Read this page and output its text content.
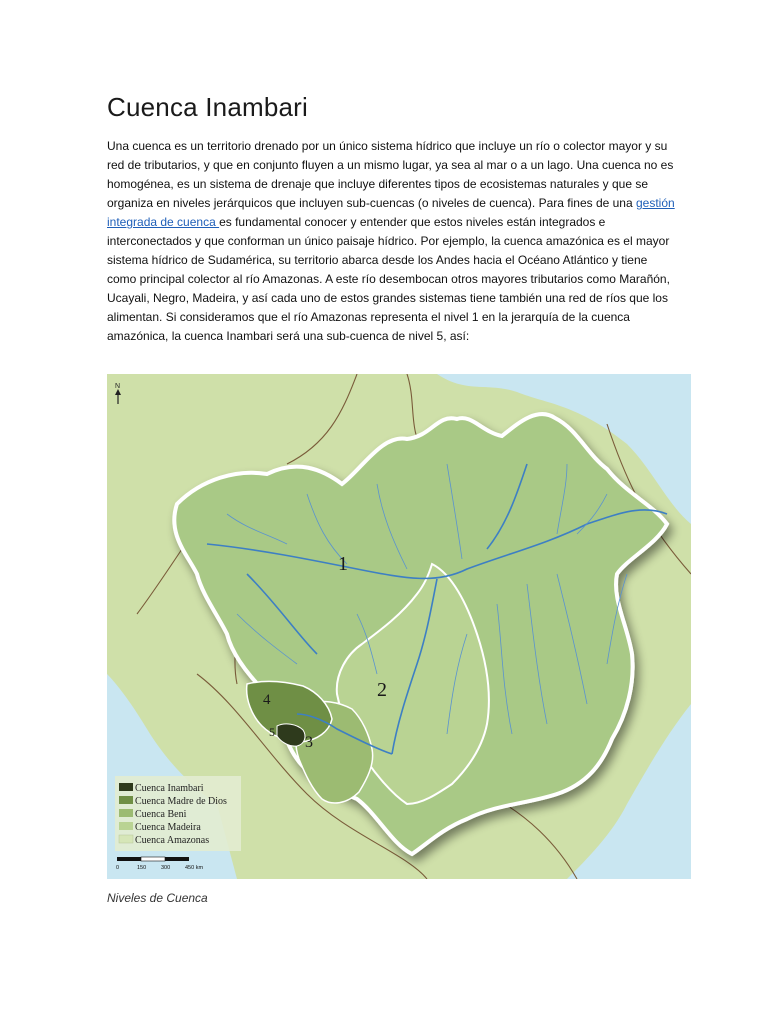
Cuenca Inambari

Una cuenca es un territorio drenado por un único sistema hídrico que incluye un río o colector mayor y su red de tributarios, y que en conjunto fluyen a un mismo lugar, ya sea al mar o a un lago. Una cuenca no es homogénea, es un sistema de drenaje que incluye diferentes tipos de ecosistemas naturales y que se organiza en niveles jerárquicos que incluyen sub-cuencas (o niveles de cuenca). Para fines de una gestión integrada de cuenca es fundamental conocer y entender que estos niveles están integrados e interconectados y que conforman un único paisaje hídrico. Por ejemplo, la cuenca amazónica es el mayor sistema hídrico de Sudamérica, su territorio abarca desde los Andes hacia el Océano Atlántico y tiene como principal colector al río Amazonas. A este río desembocan otros mayores tributarios como Marañón, Ucayali, Negro, Madeira, y así cada uno de estos grandes sistemas tiene también una red de ríos que los alimentan. Si consideramos que el río Amazonas representa el nivel 1 en la jerarquía de la cuenca amazónica, la cuenca Inambari será una sub-cuenca de nivel 5, así:

1
2
3
4
5
N
Cuenca Inambari
Cuenca Madre de Dios
Cuenca Beni
Cuenca Madeira
Cuenca Amazonas
0	150	300	450 km

Niveles de Cuenca
